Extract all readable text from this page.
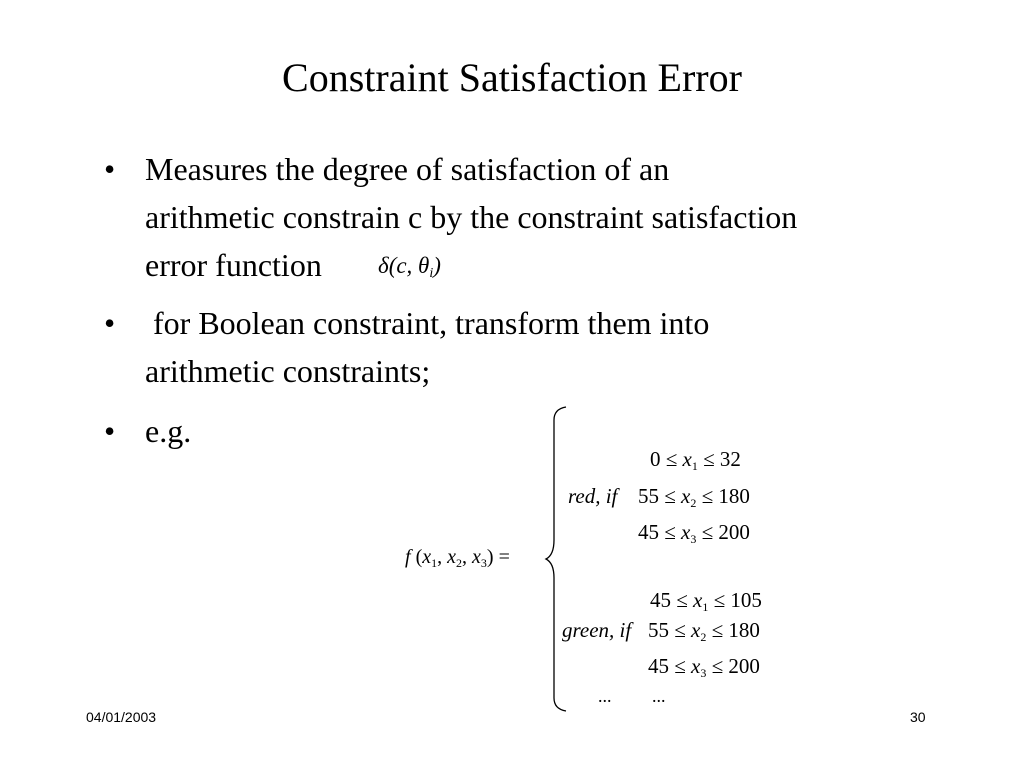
Constraint Satisfaction Error
• Measures the degree of satisfaction of an
arithmetic constrain c by the constraint satisfaction
error function	δ(c, $\theta_i$)
• for Boolean constraint, transform them into
arithmetic constraints;
• e.g.
f ($x_1$, $x_2$, $x_3$) =
$0 \le x_1 \le 32$
red, if $55 \le x_2 \le 180$
$45 \le x_3 \le 200$
$45 \le x_1 \le 105$
green, if $55 \le x_2 \le 180$
$45 \le x_3 \le 200$
... ...
04/01/2003	30
